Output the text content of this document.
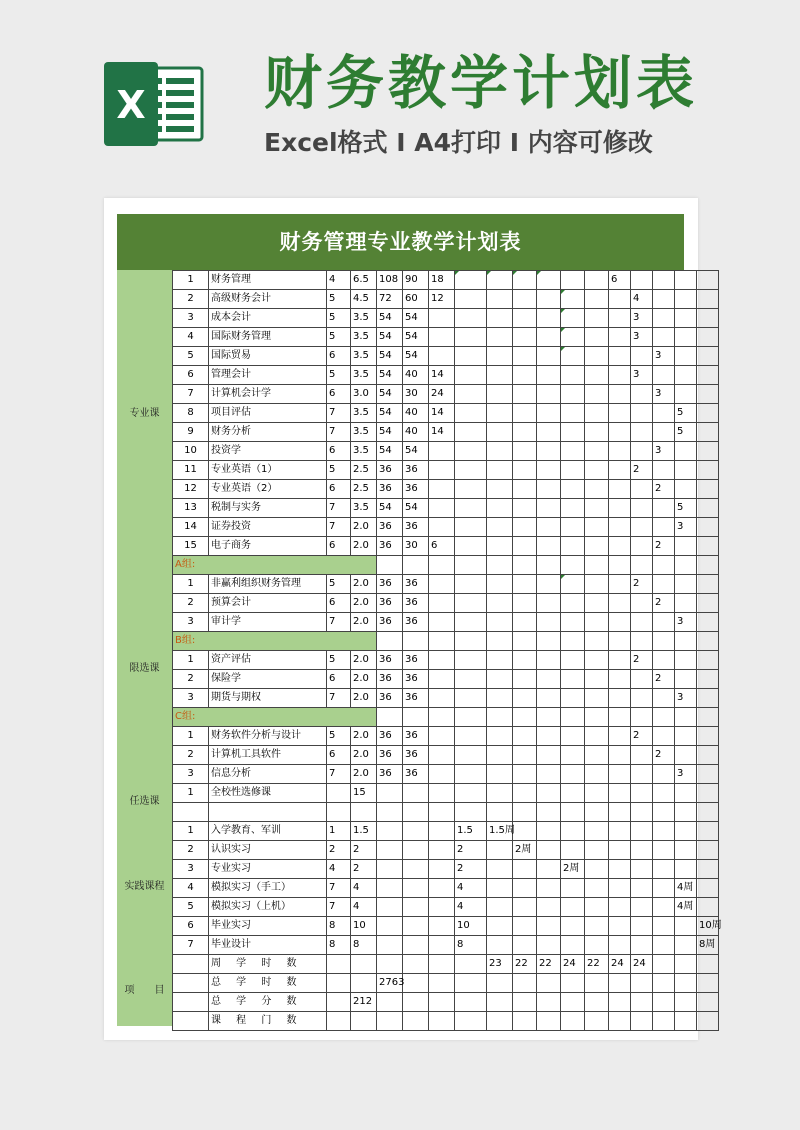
X 财务教学计划表
Excel格式 I A4打印 I 内容可修改
财务管理专业教学计划表
专业课
限选课
任选课
实践课程
项　　目
1	财务管理	4	6.5	108	90	18							6				
2	高级财务会计	5	4.5	72	60	12								4			
3	成本会计	5	3.5	54	54									3			
4	国际财务管理	5	3.5	54	54									3			
5	国际贸易	6	3.5	54	54										3		
6	管理会计	5	3.5	54	40	14								3			
7	计算机会计学	6	3.0	54	30	24									3		
8	项目评估	7	3.5	54	40	14										5	
9	财务分析	7	3.5	54	40	14										5	
10	投资学	6	3.5	54	54										3		
11	专业英语（1）	5	2.5	36	36									2			
12	专业英语（2）	6	2.5	36	36										2		
13	税制与实务	7	3.5	54	54											5	
14	证券投资	7	2.0	36	36											3	
15	电子商务	6	2.0	36	30	6									2		
A组:																	
1	非赢利组织财务管理	5	2.0	36	36									2			
2	预算会计	6	2.0	36	36										2		
3	审计学	7	2.0	36	36											3	
B组:																	
1	资产评估	5	2.0	36	36									2			
2	保险学	6	2.0	36	36										2		
3	期货与期权	7	2.0	36	36											3	
C组:																	
1	财务软件分析与设计	5	2.0	36	36									2			
2	计算机工具软件	6	2.0	36	36										2		
3	信息分析	7	2.0	36	36											3	
1	全校性选修课		15														

1	入学教育、军训	1	1.5				1.5	1.5周									
2	认识实习	2	2				2		2周								
3	专业实习	4	2				2				2周						
4	模拟实习（手工）	7	4				4									4周	
5	模拟实习（上机）	7	4				4									4周	
6	毕业实习	8	10				10										10周
7	毕业设计	8	8				8										8周
	周 学 时 数							23	22	22	24	22	24	24			
	总 学 时 数			2763													
	总 学 分 数		212														
	课 程 门 数																
